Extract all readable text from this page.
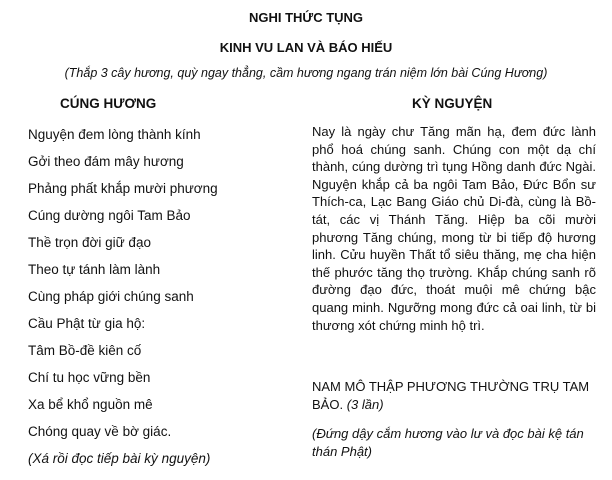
NGHI THỨC TỤNG
KINH VU LAN VÀ BÁO HIẾU

(Thắp 3 cây hương, quỳ ngay thẳng, cầm hương ngang trán niệm lớn bài Cúng Hương)

CÚNG HƯƠNG
Nguyện đem lòng thành kính
Gởi theo đám mây hương
Phảng phất khắp mười phương
Cúng dường ngôi Tam Bảo
Thề trọn đời giữ đạo
Theo tự tánh làm lành
Cùng pháp giới chúng sanh
Cầu Phật từ gia hộ:
Tâm Bồ-đề kiên cố
Chí tu học vững bền
Xa bể khổ nguồn mê
Chóng quay về bờ giác.

(Xá rồi đọc tiếp bài kỳ nguyện)

KỲ NGUYỆN

Nay là ngày chư Tăng mãn hạ, đem đức lành phổ hoá chúng sanh. Chúng con một dạ chí thành, cúng dường trì tụng Hồng danh đức Ngài. Nguyện khắp cả ba ngôi Tam Bảo, Đức Bổn sư Thích-ca, Lạc Bang Giáo chủ Di-đà, cùng là Bồ-tát, các vị Thánh Tăng. Hiệp ba cõi mười phương Tăng chúng, mong từ bi tiếp độ hương linh. Cửu huyền Thất tổ siêu thăng, mẹ cha hiện thế phước tăng thọ trường. Khắp chúng sanh rõ đường đạo đức, thoát muội mê chứng bậc quang minh. Ngưỡng mong đức cả oai linh, từ bi thương xót chứng minh hộ trì.

NAM MÔ THẬP PHƯƠNG THƯỜNG TRỤ TAM BẢO. (3 lần)

(Đứng dậy cắm hương vào lư và đọc bài kệ tán thán Phật)
